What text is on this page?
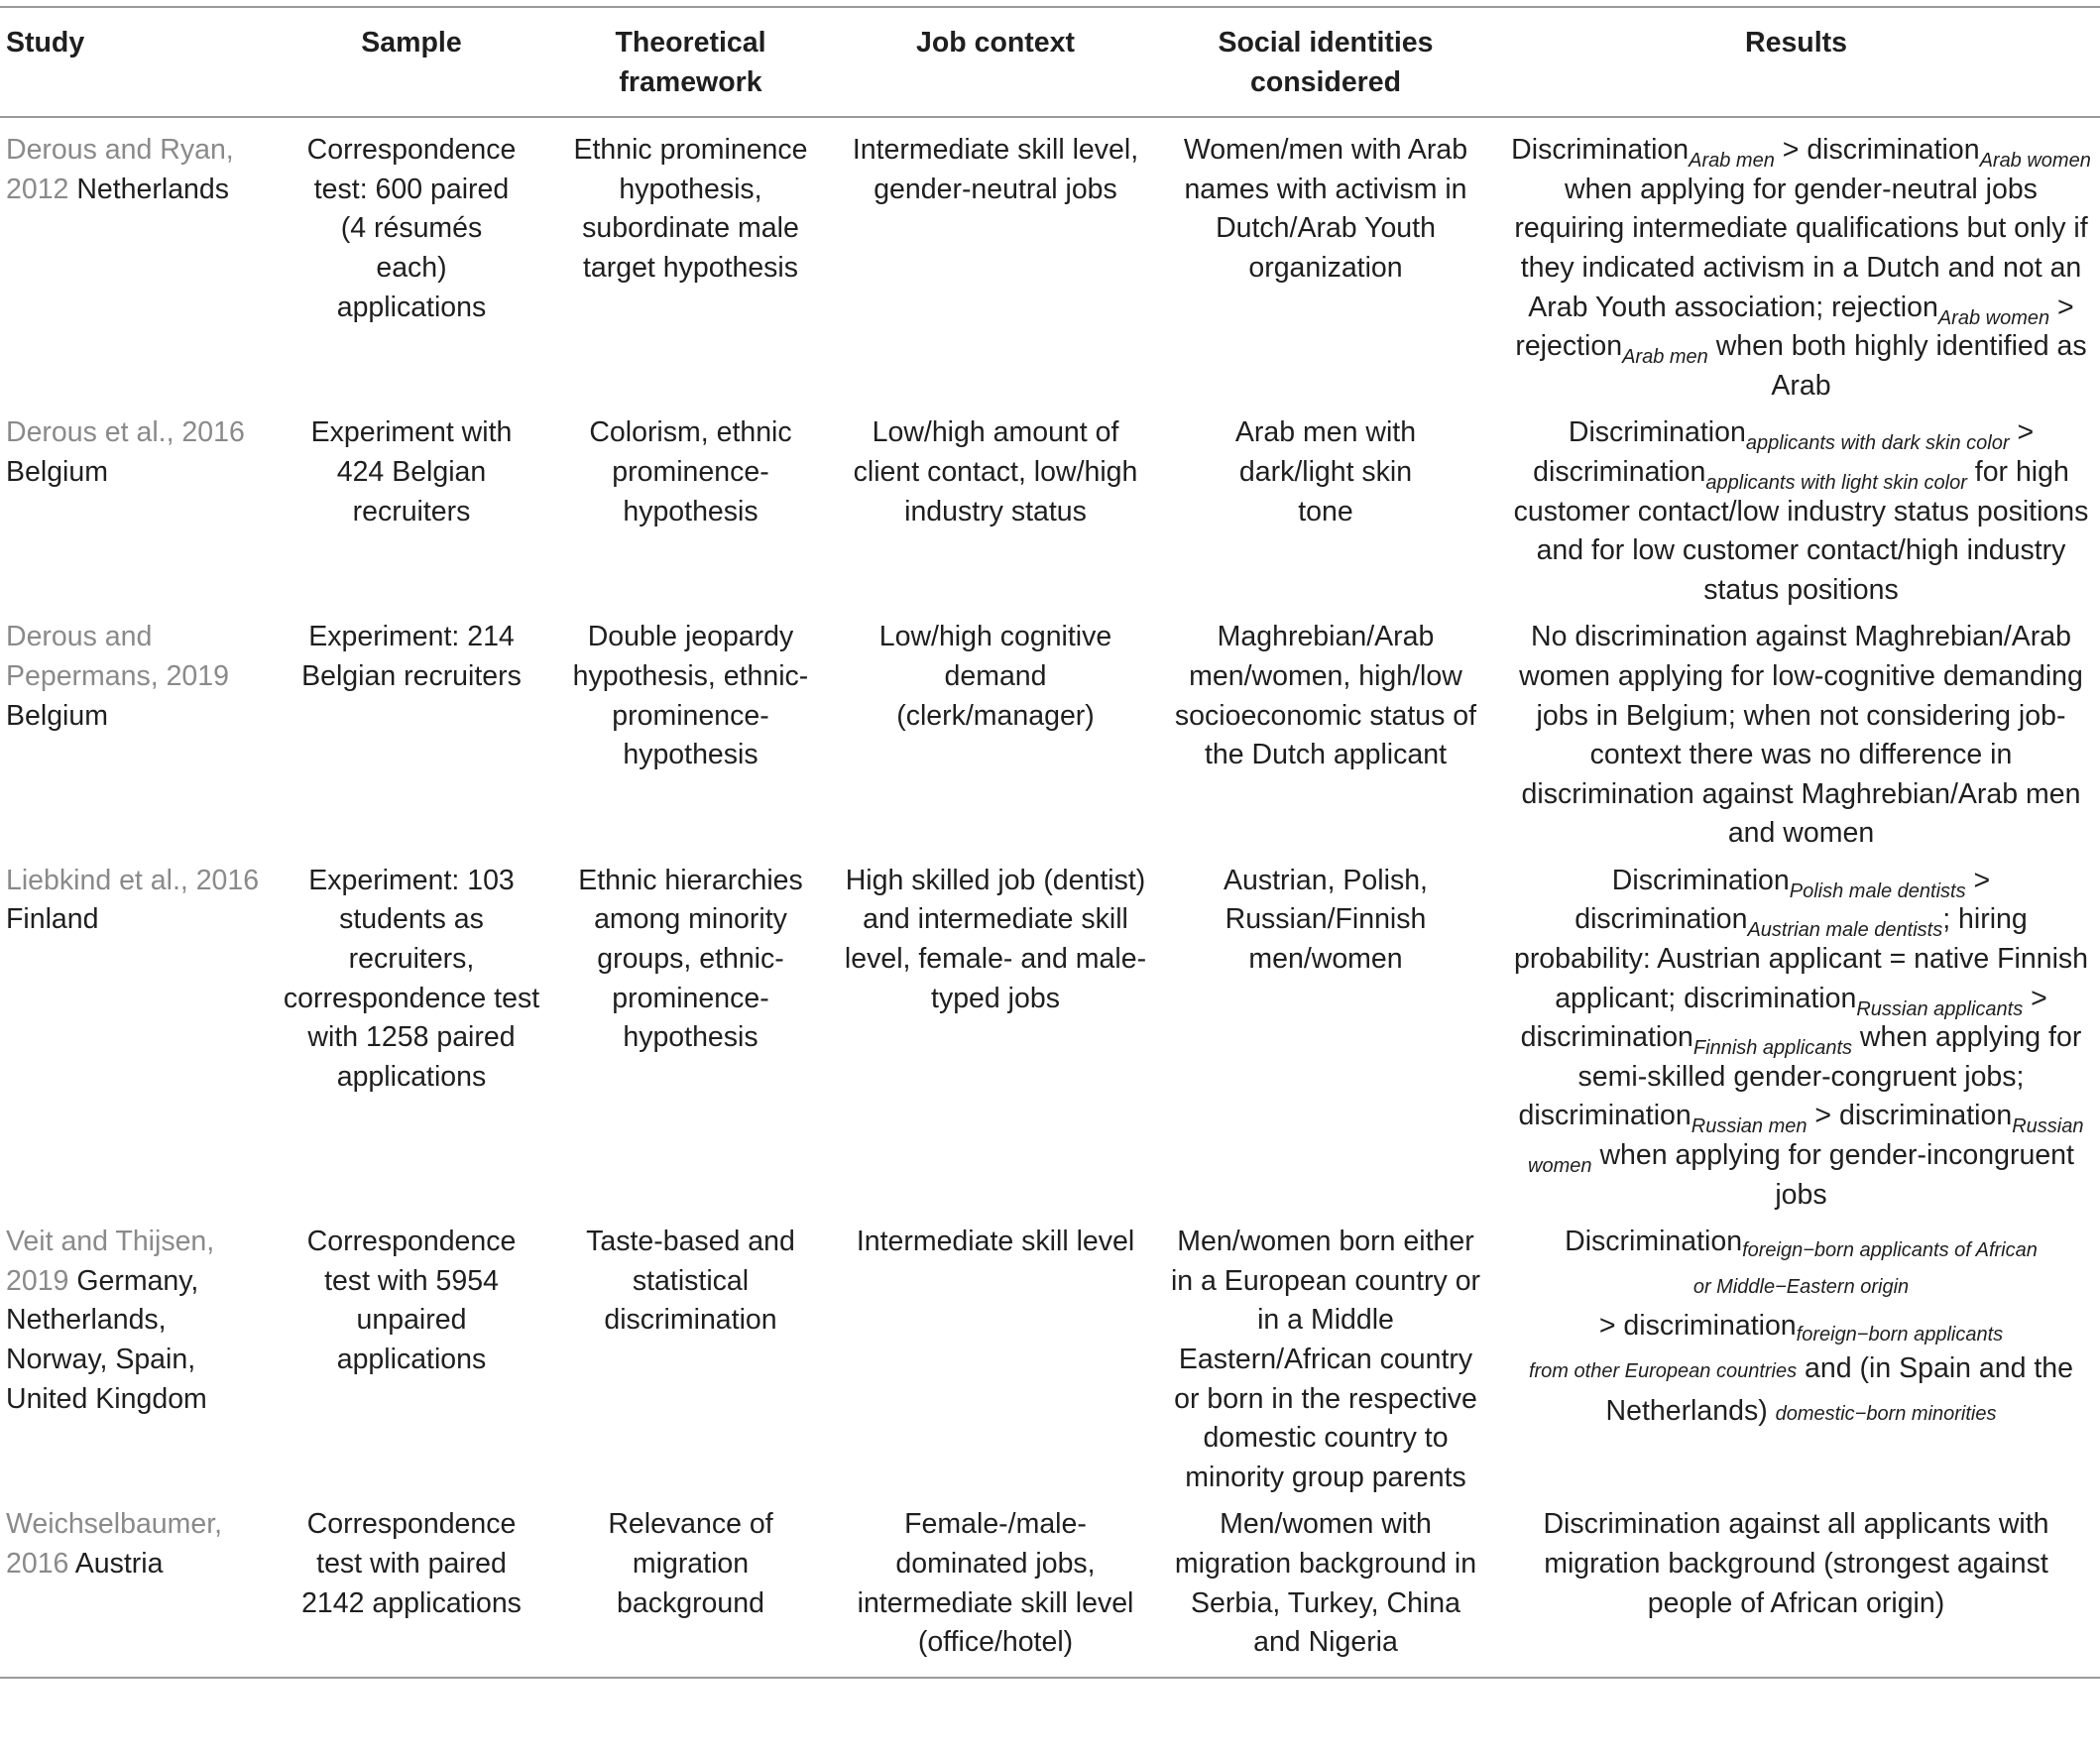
Study	Sample	Theoretical framework	Job context	Social identities considered	Results
Derous and Ryan, 2012 Netherlands	Correspondence test: 600 paired (4 résumés each) applications	Ethnic prominence hypothesis, subordinate male target hypothesis	Intermediate skill level, gender-neutral jobs	Women/men with Arab names with activism in Dutch/Arab Youth organization	Discrimination$_{Arab men}$ > discrimination$_{Arab women}$ when applying for gender-neutral jobs requiring intermediate qualifications but only if they indicated activism in a Dutch and not an Arab Youth association; rejection$_{Arab women}$ > rejection$_{Arab men}$ when both highly identified as Arab
Derous et al., 2016 Belgium	Experiment with 424 Belgian recruiters	Colorism, ethnic prominence-hypothesis	Low/high amount of client contact, low/high industry status	Arab men with dark/light skin tone	Discrimination$_{applicants with dark skin color}$ > discrimination$_{applicants with light skin color}$ for high customer contact/low industry status positions and for low customer contact/high industry status positions
Derous and Pepermans, 2019 Belgium	Experiment: 214 Belgian recruiters	Double jeopardy hypothesis, ethnic-prominence-hypothesis	Low/high cognitive demand (clerk/manager)	Maghrebian/Arab men/women, high/low socioeconomic status of the Dutch applicant	No discrimination against Maghrebian/Arab women applying for low-cognitive demanding jobs in Belgium; when not considering job-context there was no difference in discrimination against Maghrebian/Arab men and women
Liebkind et al., 2016 Finland	Experiment: 103 students as recruiters, correspondence test with 1258 paired applications	Ethnic hierarchies among minority groups, ethnic-prominence-hypothesis	High skilled job (dentist) and intermediate skill level, female- and male-typed jobs	Austrian, Polish, Russian/Finnish men/women	Discrimination$_{Polish male dentists}$ > discrimination$_{Austrian male dentists}$; hiring probability: Austrian applicant = native Finnish applicant; discrimination$_{Russian applicants}$ > discrimination$_{Finnish applicants}$ when applying for semi-skilled gender-congruent jobs; discrimination$_{Russian men}$ > discrimination$_{Russian women}$ when applying for gender-incongruent jobs
Veit and Thijsen, 2019 Germany, Netherlands, Norway, Spain, United Kingdom	Correspondence test with 5954 unpaired applications	Taste-based and statistical discrimination	Intermediate skill level	Men/women born either in a European country or in a Middle Eastern/African country or born in the respective domestic country to minority group parents	Discrimination$_{foreign-born applicants of African}$
or Middle−Eastern origin
> discrimination$_{foreign-born applicants}$
from other European countries and (in Spain and the Netherlands) domestic−born minorities

Weichselbaumer, 2016 Austria	Correspondence test with paired 2142 applications	Relevance of migration background	Female-/male-dominated jobs, intermediate skill level (office/hotel)	Men/women with migration background in Serbia, Turkey, China and Nigeria	Discrimination against all applicants with migration background (strongest against people of African origin)
